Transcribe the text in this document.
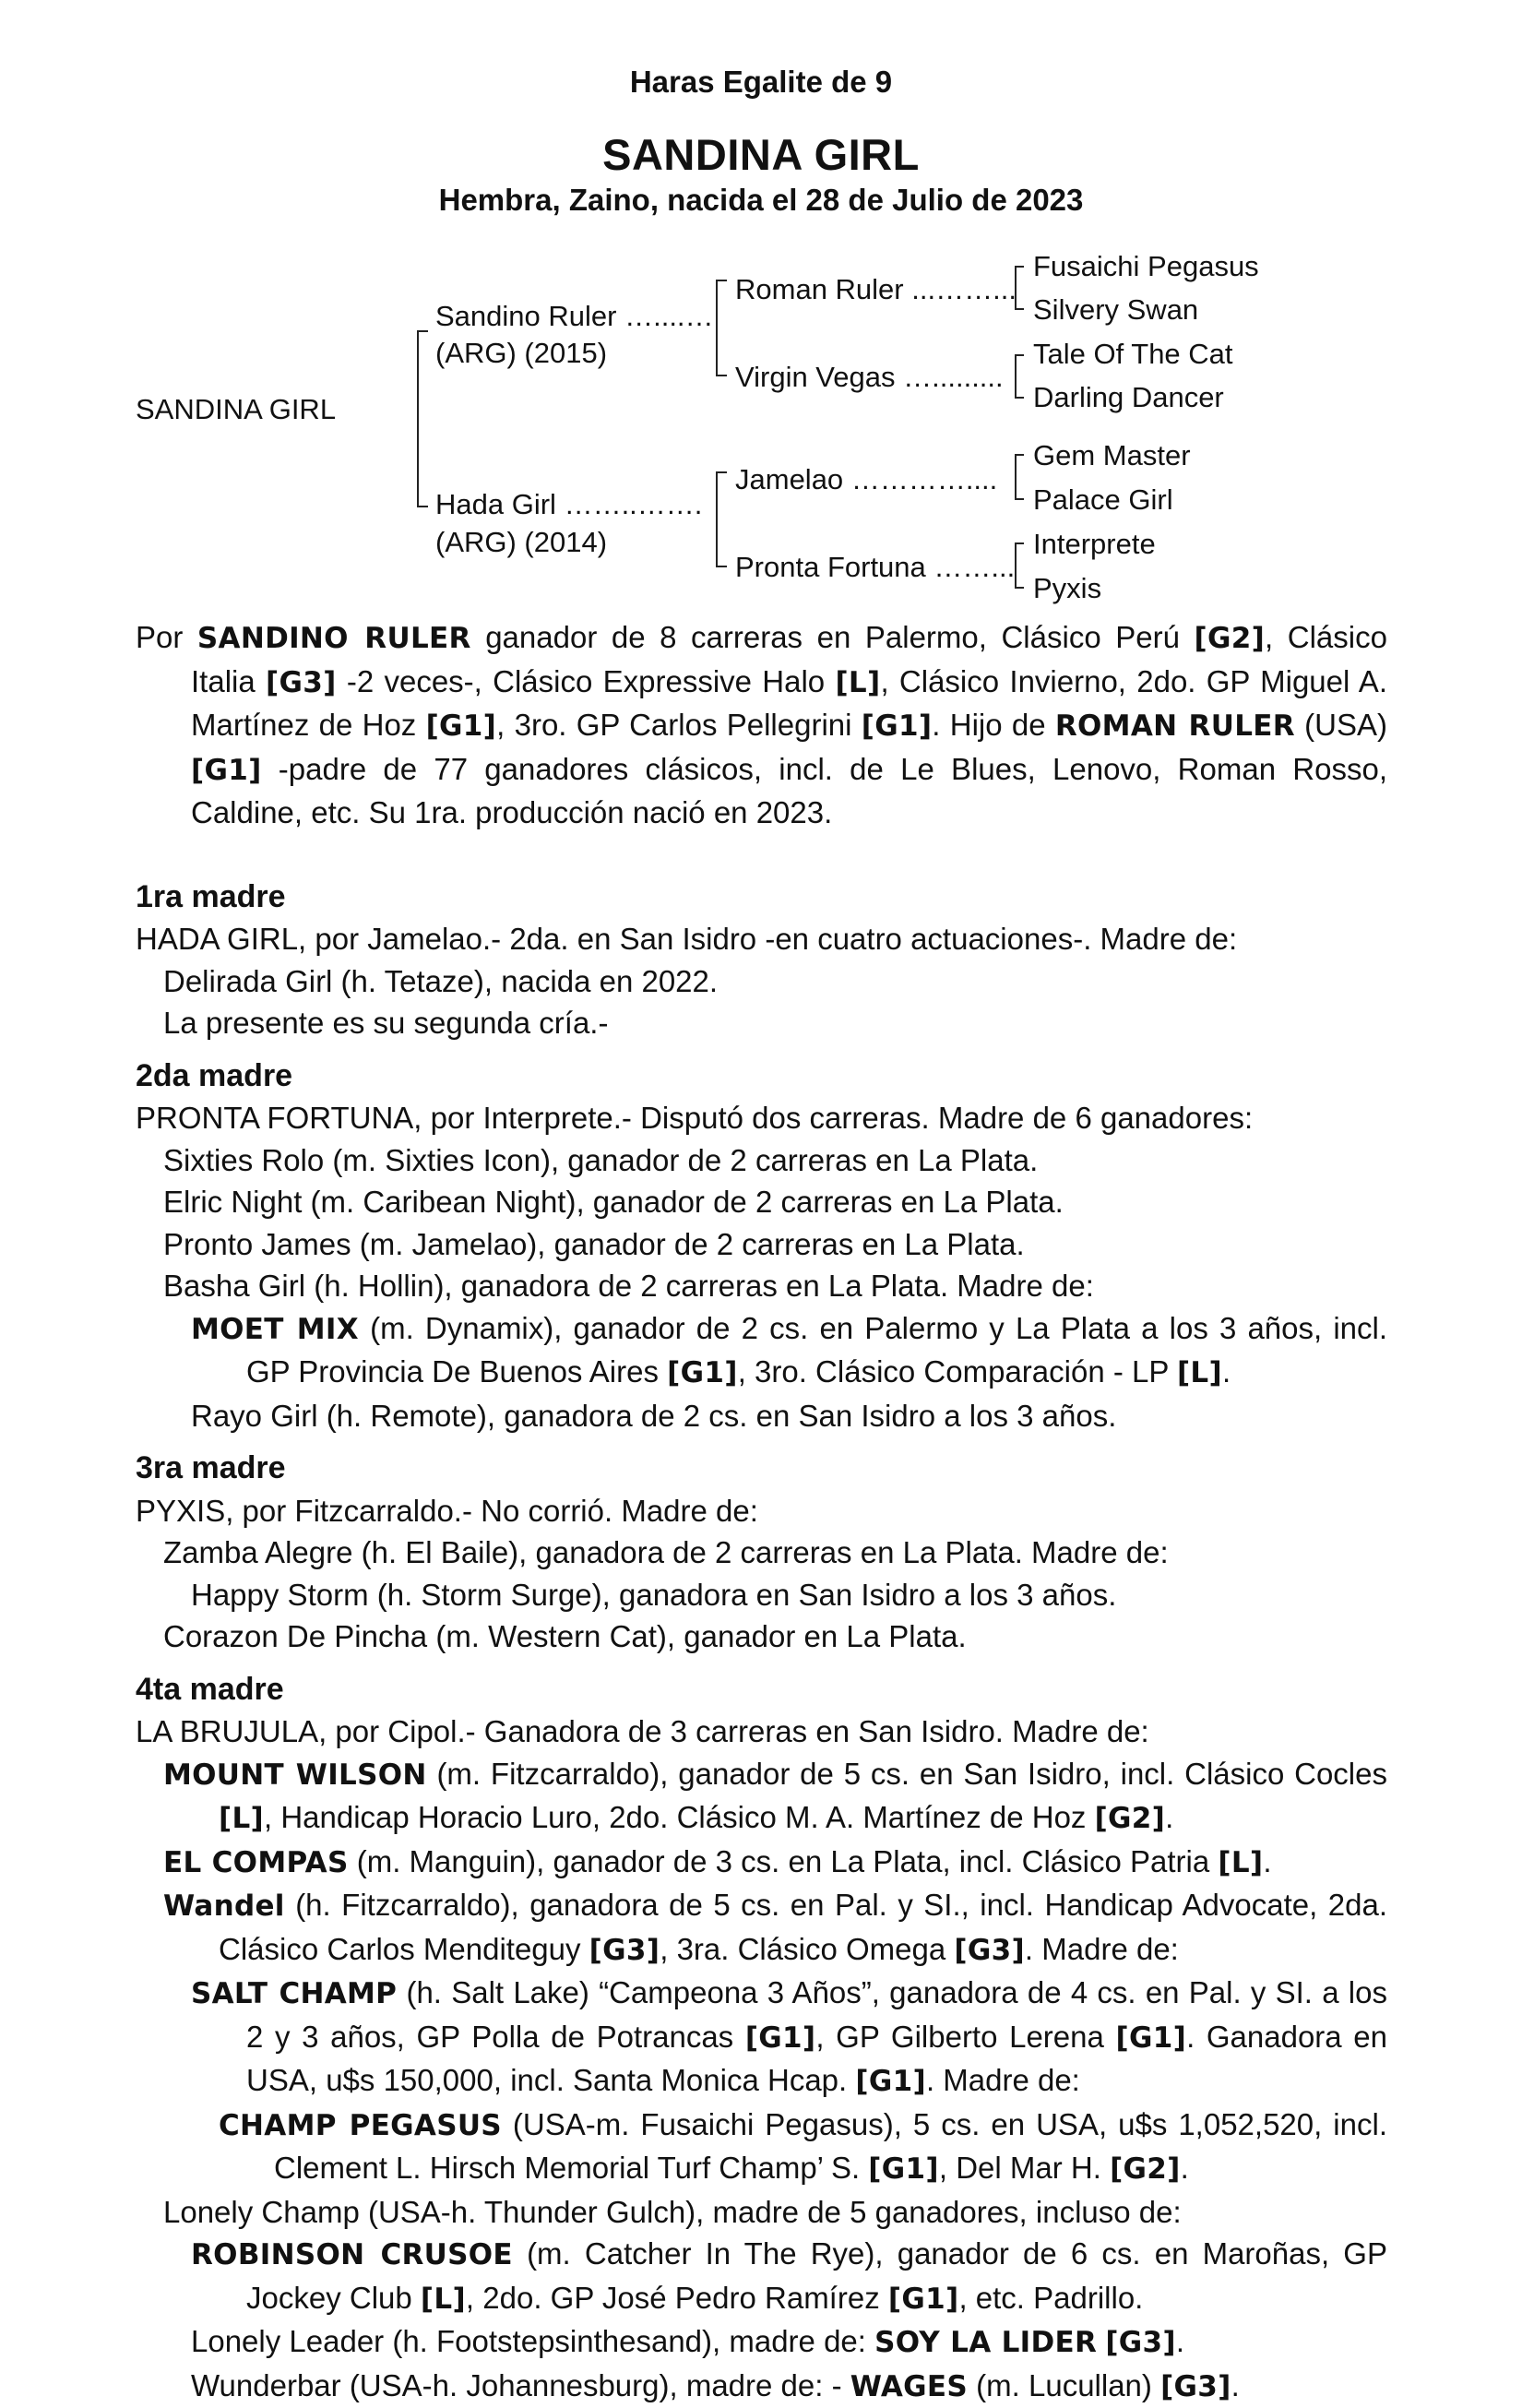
Haras Egalite de 9
SANDINA GIRL
Hembra, Zaino, nacida el 28 de Julio de 2023
SANDINA GIRL
Sandino Ruler …....…
(ARG) (2015)
Hada Girl ……..…….
(ARG) (2014)
Roman Ruler ...……...
Virgin Vegas ….........
Jamelao …………....
Pronta Fortuna ……...
Fusaichi Pegasus
Silvery Swan
Tale Of The Cat
Darling Dancer
Gem Master
Palace Girl
Interprete
Pyxis

Por SANDINO RULER ganador de 8 carreras en Palermo, Clásico Perú [G2], Clásico Italia [G3] -2 veces-, Clásico Expressive Halo [L], Clásico Invierno, 2do. GP Miguel A. Martínez de Hoz [G1], 3ro. GP Carlos Pellegrini [G1]. Hijo de ROMAN RULER (USA) [G1] -padre de 77 ganadores clásicos, incl. de Le Blues, Lenovo, Roman Rosso, Caldine, etc. Su 1ra. producción nació en 2023.

1ra madre

HADA GIRL, por Jamelao.- 2da. en San Isidro -en cuatro actuaciones-. Madre de:

Delirada Girl (h. Tetaze), nacida en 2022.

La presente es su segunda cría.-

2da madre

PRONTA FORTUNA, por Interprete.- Disputó dos carreras. Madre de 6 ganadores:

Sixties Rolo (m. Sixties Icon), ganador de 2 carreras en La Plata.

Elric Night (m. Caribean Night), ganador de 2 carreras en La Plata.

Pronto James (m. Jamelao), ganador de 2 carreras en La Plata.

Basha Girl (h. Hollin), ganadora de 2 carreras en La Plata. Madre de:

MOET MIX (m. Dynamix), ganador de 2 cs. en Palermo y La Plata a los 3 años, incl. GP Provincia De Buenos Aires [G1], 3ro. Clásico Comparación - LP [L].

Rayo Girl (h. Remote), ganadora de 2 cs. en San Isidro a los 3 años.

3ra madre

PYXIS, por Fitzcarraldo.- No corrió. Madre de:

Zamba Alegre (h. El Baile), ganadora de 2 carreras en La Plata. Madre de:

Happy Storm (h. Storm Surge), ganadora en San Isidro a los 3 años.

Corazon De Pincha (m. Western Cat), ganador en La Plata.

4ta madre

LA BRUJULA, por Cipol.- Ganadora de 3 carreras en San Isidro. Madre de:

MOUNT WILSON (m. Fitzcarraldo), ganador de 5 cs. en San Isidro, incl. Clásico Cocles [L], Handicap Horacio Luro, 2do. Clásico M. A. Martínez de Hoz [G2].

EL COMPAS (m. Manguin), ganador de 3 cs. en La Plata, incl. Clásico Patria [L].

Wandel (h. Fitzcarraldo), ganadora de 5 cs. en Pal. y SI., incl. Handicap Advocate, 2da. Clásico Carlos Menditeguy [G3], 3ra. Clásico Omega [G3]. Madre de:

SALT CHAMP (h. Salt Lake) “Campeona 3 Años”, ganadora de 4 cs. en Pal. y SI. a los 2 y 3 años, GP Polla de Potrancas [G1], GP Gilberto Lerena [G1]. Ganadora en USA, u$s 150,000, incl. Santa Monica Hcap. [G1]. Madre de:

CHAMP PEGASUS (USA-m. Fusaichi Pegasus), 5 cs. en USA, u$s 1,052,520, incl. Clement L. Hirsch Memorial Turf Champ’ S. [G1], Del Mar H. [G2].

Lonely Champ (USA-h. Thunder Gulch), madre de 5 ganadores, incluso de:

ROBINSON CRUSOE (m. Catcher In The Rye), ganador de 6 cs. en Maroñas, GP Jockey Club [L], 2do. GP José Pedro Ramírez [G1], etc. Padrillo.

Lonely Leader (h. Footstepsinthesand), madre de: SOY LA LIDER [G3].

Wunderbar (USA-h. Johannesburg), madre de: - WAGES (m. Lucullan) [G3].
